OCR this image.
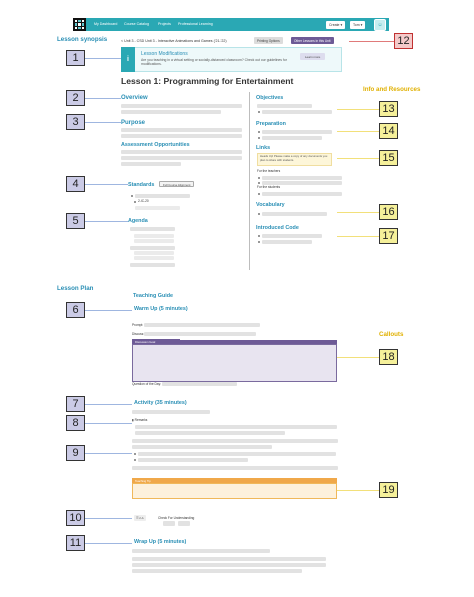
My Dashboard Course Catalog	Projects Professional Learning	Create ▾	Tom ▾	☺
< Unit 3 - CSD Unit 3 - Interactive Animations and Games ('21-'22)	Printing Options	Other Lessons in this Unit
i
Lesson Modifications
Are you teaching in a virtual setting or socially-distanced classroom? Check out our guidelines for modifications.
Learn more
Lesson 1: Programming for Entertainment
Overview
Purpose
Assessment Opportunities
Standards	Full Course Alignment
2-IC-20
Agenda
Objectives
Preparation
Links
Heads Up! Please make a copy of any documents you plan to share with students.
For the teachers
For the students
Vocabulary
Introduced Code
Teaching Guide
Warm Up (5 minutes)
Prompt:
Discuss:
Discussion Goal
Question of the Day:
Activity (35 minutes)
▮ Remarks
Teaching Tip
☰ 2-A	Check For Understanding
Wrap Up (5 minutes)
Lesson synopsis
Info and Resources
Lesson Plan
Callouts
1
2
3
4
5
6
7
8
9
10
11
12
13
14
15
16
17
18
19
